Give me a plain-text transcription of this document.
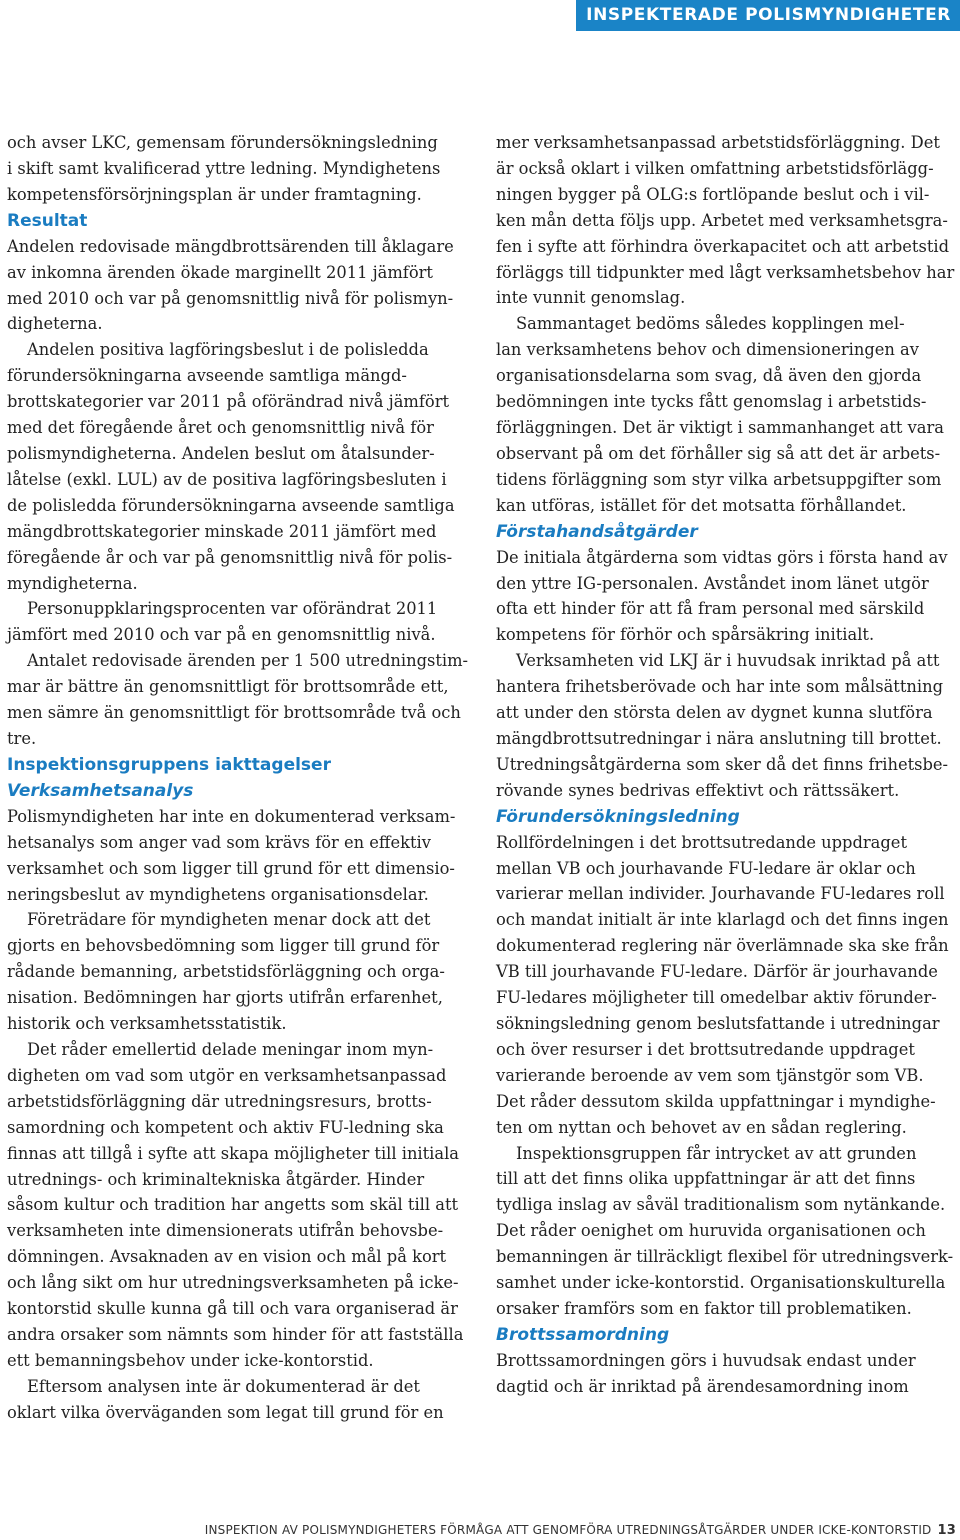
INSPEKTERADE POLISMYNDIGHETER
och avser LKC, gemensam förundersökningsledning
i skift samt kvalificerad yttre ledning. Myndighetens
kompetensförsörjningsplan är under framtagning.
Resultat
Andelen redovisade mängdbrottsärenden till åklagare
av inkomna ärenden ökade marginellt 2011 jämfört
med 2010 och var på genomsnittlig nivå för polismyn-
digheterna.
Andelen positiva lagföringsbeslut i de polisledda
förundersökningarna avseende samtliga mängd-
brottskategorier var 2011 på oförändrad nivå jämfört
med det föregående året och genomsnittlig nivå för
polismyndigheterna. Andelen beslut om åtalsunder-
låtelse (exkl. LUL) av de positiva lagföringsbesluten i
de polisledda förundersökningarna avseende samtliga
mängdbrottskategorier minskade 2011 jämfört med
föregående år och var på genomsnittlig nivå för polis-
myndigheterna.
Personuppklaringsprocenten var oförändrat 2011
jämfört med 2010 och var på en genomsnittlig nivå.
Antalet redovisade ärenden per 1 500 utredningstim-
mar är bättre än genomsnittligt för brottsområde ett,
men sämre än genomsnittligt för brottsområde två och
tre.
Inspektionsgruppens iakttagelser
Verksamhetsanalys
Polismyndigheten har inte en dokumenterad verksam-
hetsanalys som anger vad som krävs för en effektiv
verksamhet och som ligger till grund för ett dimensio-
neringsbeslut av myndighetens organisationsdelar.
Företrädare för myndigheten menar dock att det
gjorts en behovsbedömning som ligger till grund för
rådande bemanning, arbetstidsförläggning och orga-
nisation. Bedömningen har gjorts utifrån erfarenhet,
historik och verksamhetsstatistik.
Det råder emellertid delade meningar inom myn-
digheten om vad som utgör en verksamhetsanpassad
arbetstidsförläggning där utredningsresurs, brotts-
samordning och kompetent och aktiv FU-ledning ska
finnas att tillgå i syfte att skapa möjligheter till initiala
utrednings- och kriminaltekniska åtgärder. Hinder
såsom kultur och tradition har angetts som skäl till att
verksamheten inte dimensionerats utifrån behovsbe-
dömningen. Avsaknaden av en vision och mål på kort
och lång sikt om hur utredningsverksamheten på icke-
kontorstid skulle kunna gå till och vara organiserad är
andra orsaker som nämnts som hinder för att fastställa
ett bemanningsbehov under icke-kontorstid.
Eftersom analysen inte är dokumenterad är det
oklart vilka överväganden som legat till grund för en
mer verksamhetsanpassad arbetstidsförläggning. Det
är också oklart i vilken omfattning arbetstidsförlägg-
ningen bygger på OLG:s fortlöpande beslut och i vil-
ken mån detta följs upp. Arbetet med verksamhetsgra-
fen i syfte att förhindra överkapacitet och att arbetstid
förläggs till tidpunkter med lågt verksamhetsbehov har
inte vunnit genomslag.
Sammantaget bedöms således kopplingen mel-
lan verksamhetens behov och dimensioneringen av
organisationsdelarna som svag, då även den gjorda
bedömningen inte tycks fått genomslag i arbetstids-
förläggningen. Det är viktigt i sammanhanget att vara
observant på om det förhåller sig så att det är arbets-
tidens förläggning som styr vilka arbetsuppgifter som
kan utföras, istället för det motsatta förhållandet.
Förstahandsåtgärder
De initiala åtgärderna som vidtas görs i första hand av
den yttre IG-personalen. Avståndet inom länet utgör
ofta ett hinder för att få fram personal med särskild
kompetens för förhör och spårsäkring initialt.
Verksamheten vid LKJ är i huvudsak inriktad på att
hantera frihetsberövade och har inte som målsättning
att under den största delen av dygnet kunna slutföra
mängdbrottsutredningar i nära anslutning till brottet.
Utredningsåtgärderna som sker då det finns frihetsbe-
rövande synes bedrivas effektivt och rättssäkert.
Förundersökningsledning
Rollfördelningen i det brottsutredande uppdraget
mellan VB och jourhavande FU-ledare är oklar och
varierar mellan individer. Jourhavande FU-ledares roll
och mandat initialt är inte klarlagd och det finns ingen
dokumenterad reglering när överlämnade ska ske från
VB till jourhavande FU-ledare. Därför är jourhavande
FU-ledares möjligheter till omedelbar aktiv förunder-
sökningsledning genom beslutsfattande i utredningar
och över resurser i det brottsutredande uppdraget
varierande beroende av vem som tjänstgör som VB.
Det råder dessutom skilda uppfattningar i myndighe-
ten om nyttan och behovet av en sådan reglering.
Inspektionsgruppen får intrycket av att grunden
till att det finns olika uppfattningar är att det finns
tydliga inslag av såväl traditionalism som nytänkande.
Det råder oenighet om huruvida organisationen och
bemanningen är tillräckligt flexibel för utredningsverk-
samhet under icke-kontorstid. Organisationskulturella
orsaker framförs som en faktor till problematiken.
Brottssamordning
Brottssamordningen görs i huvudsak endast under
dagtid och är inriktad på ärendesamordning inom
INSPEKTION AV POLISMYNDIGHETERS FÖRMÅGA ATT GENOMFÖRA UTREDNINGSÅTGÄRDER UNDER ICKE-KONTORSTID 13
